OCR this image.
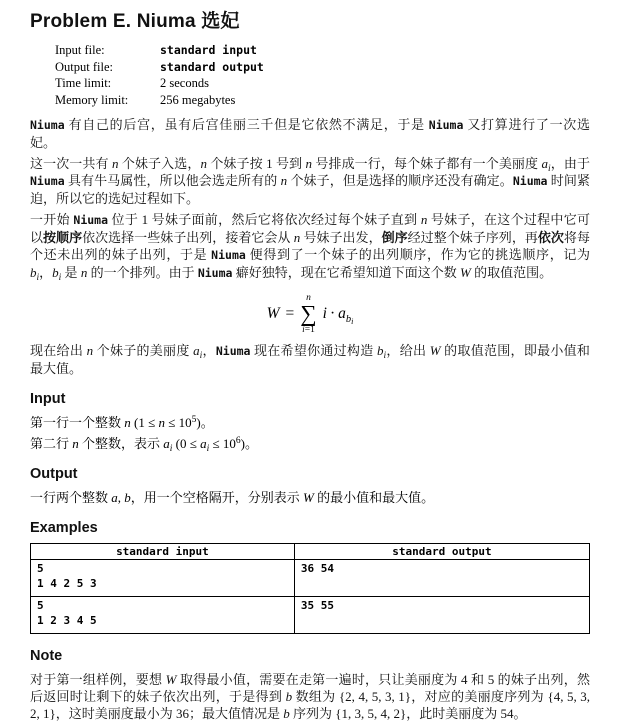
Problem E. Niuma 选妃
Input file:	standard input
Output file:	standard output
Time limit:	2 seconds
Memory limit:	256 megabytes

Niuma 有自己的后宫，虽有后宫佳丽三千但是它依然不满足，于是 Niuma 又打算进行了一次选妃。

这一次一共有 n 个妹子入选，n 个妹子按 1 号到 n 号排成一行，每个妹子都有一个美丽度 $a_i$，由于 Niuma 具有牛马属性，所以他会选走所有的 n 个妹子，但是选择的顺序还没有确定。Niuma 时间紧迫，所以它的选妃过程如下。

一开始 Niuma 位于 1 号妹子面前，然后它将依次经过每个妹子直到 n 号妹子，在这个过程中它可以按顺序依次选择一些妹子出列，接着它会从 n 号妹子出发，倒序经过整个妹子序列，再依次将每个还未出列的妹子出列，于是 Niuma 便得到了一个妹子的出列顺序，作为它的挑选顺序，记为 $b_i$，$b_i$ 是 n 的一个排列。由于 Niuma 癖好独特，现在它希望知道下面这个数 W 的取值范围。

W =
n
∑
i=1
$i \cdot a_{bi}$

现在给出 n 个妹子的美丽度 $a_i$，Niuma 现在希望你通过构造 $b_i$，给出 W 的取值范围，即最小值和最大值。

Input

第一行一个整数 n $(1 \le n \le 10^5)$。

第二行 n 个整数，表示 $a_i$ $(0 \le a_i \le 10^6)$。

Output

一行两个整数 a, b，用一个空格隔开，分别表示 W 的最小值和最大值。

Examples
standard input	standard output

5
1 4 2 5 3	36 54

5
1 2 3 4 5	35 55
Note

对于第一组样例，要想 W 取得最小值，需要在走第一遍时，只让美丽度为 4 和 5 的妹子出列，然后返回时让剩下的妹子依次出列，于是得到 b 数组为 {2, 4, 5, 3, 1}，对应的美丽度序列为 {4, 5, 3, 2, 1}，这时美丽度最小为 36；最大值情况是 b 序列为 {1, 3, 5, 4, 2}，此时美丽度为 54。
